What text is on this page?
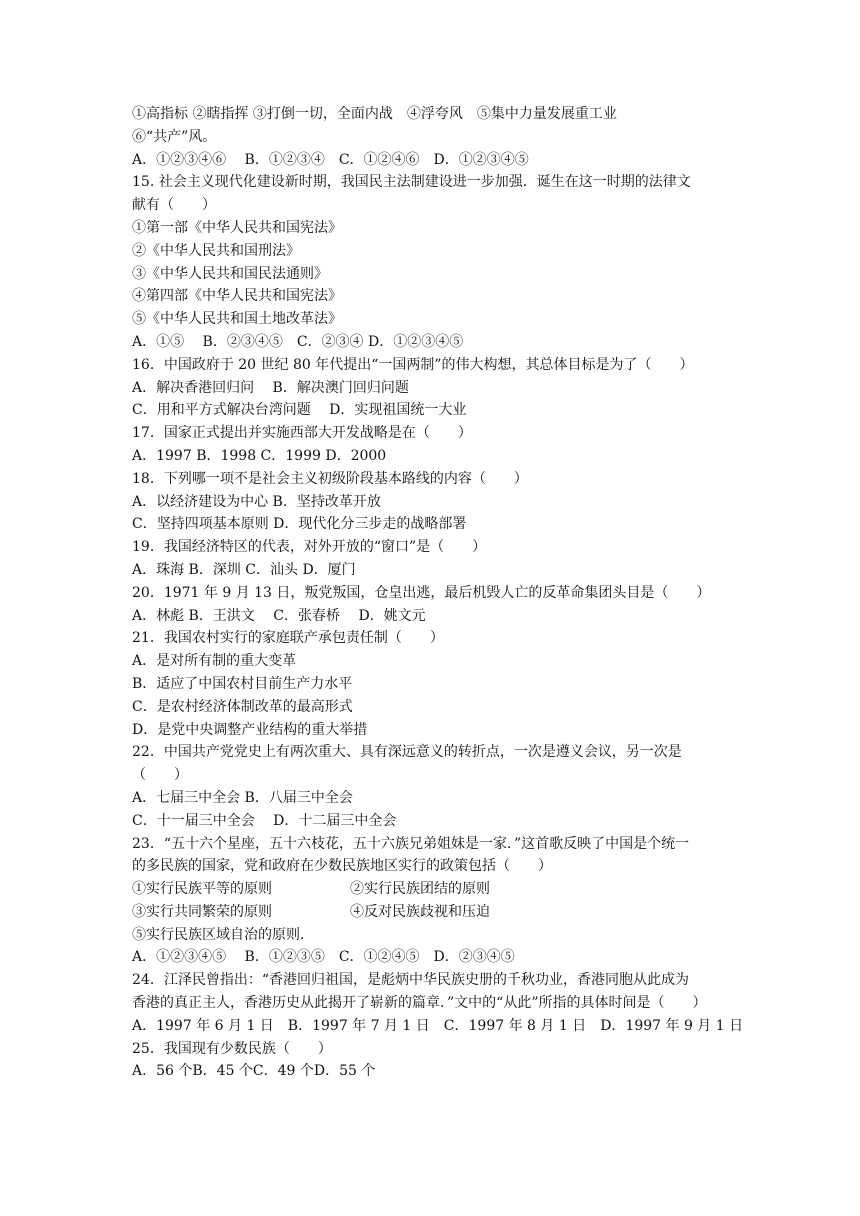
①高指标 ②瞎指挥 ③打倒一切，全面内战　④浮夸风　⑤集中力量发展重工业
⑥“共产”风。
A．①②③④⑥　 B．①②③④　C．①②④⑥　D．①②③④⑤
15. 社会主义现代化建设新时期，我国民主法制建设进一步加强．诞生在这一时期的法律文
献有（　　）
①第一部《中华人民共和国宪法》
②《中华人民共和国刑法》
③《中华人民共和国民法通则》
④第四部《中华人民共和国宪法》
⑤《中华人民共和国土地改革法》
A．①⑤　 B．②③④⑤　C．②③④ D．①②③④⑤
16．中国政府于 20 世纪 80 年代提出“一国两制”的伟大构想，其总体目标是为了（　　）
A．解决香港回归问　 B．解决澳门回归问题
C．用和平方式解决台湾问题　 D．实现祖国统一大业
17．国家正式提出并实施西部大开发战略是在（　　）
A．1997 B．1998 C．1999 D．2000
18．下列哪一项不是社会主义初级阶段基本路线的内容（　　）
A．以经济建设为中心 B．坚持改革开放
C．坚持四项基本原则 D．现代化分三步走的战略部署
19．我国经济特区的代表，对外开放的“窗口”是（　　）
A．珠海 B．深圳 C．汕头 D．厦门
20．1971 年 9 月 13 日，叛党叛国，仓皇出逃，最后机毁人亡的反革命集团头目是（　　）
A．林彪 B．王洪文　 C．张春桥　 D．姚文元
21．我国农村实行的家庭联产承包责任制（　　）
A．是对所有制的重大变革
B．适应了中国农村目前生产力水平
C．是农村经济体制改革的最高形式
D．是党中央调整产业结构的重大举措
22．中国共产党党史上有两次重大、具有深远意义的转折点，一次是遵义会议，另一次是
（　　）
A．七届三中全会 B．八届三中全会
C．十一届三中全会　 D．十二届三中全会
23．“五十六个星座，五十六枝花，五十六族兄弟姐妹是一家．”这首歌反映了中国是个统一
的多民族的国家，党和政府在少数民族地区实行的政策包括（　　）
①实行民族平等的原则	②实行民族团结的原则
③实行共同繁荣的原则	④反对民族歧视和压迫
⑤实行民族区域自治的原则．
A．①②③④⑤　 B．①②③⑤　C．①②④⑤　D．②③④⑤
24．江泽民曾指出：“香港回归祖国，是彪炳中华民族史册的千秋功业，香港同胞从此成为
香港的真正主人，香港历史从此揭开了崭新的篇章．”文中的“从此”所指的具体时间是（　　）
A．1997 年 6 月 1 日　B．1997 年 7 月 1 日　C．1997 年 8 月 1 日　D．1997 年 9 月 1 日
25．我国现有少数民族（　　）
A．56 个B．45 个C．49 个D．55 个
